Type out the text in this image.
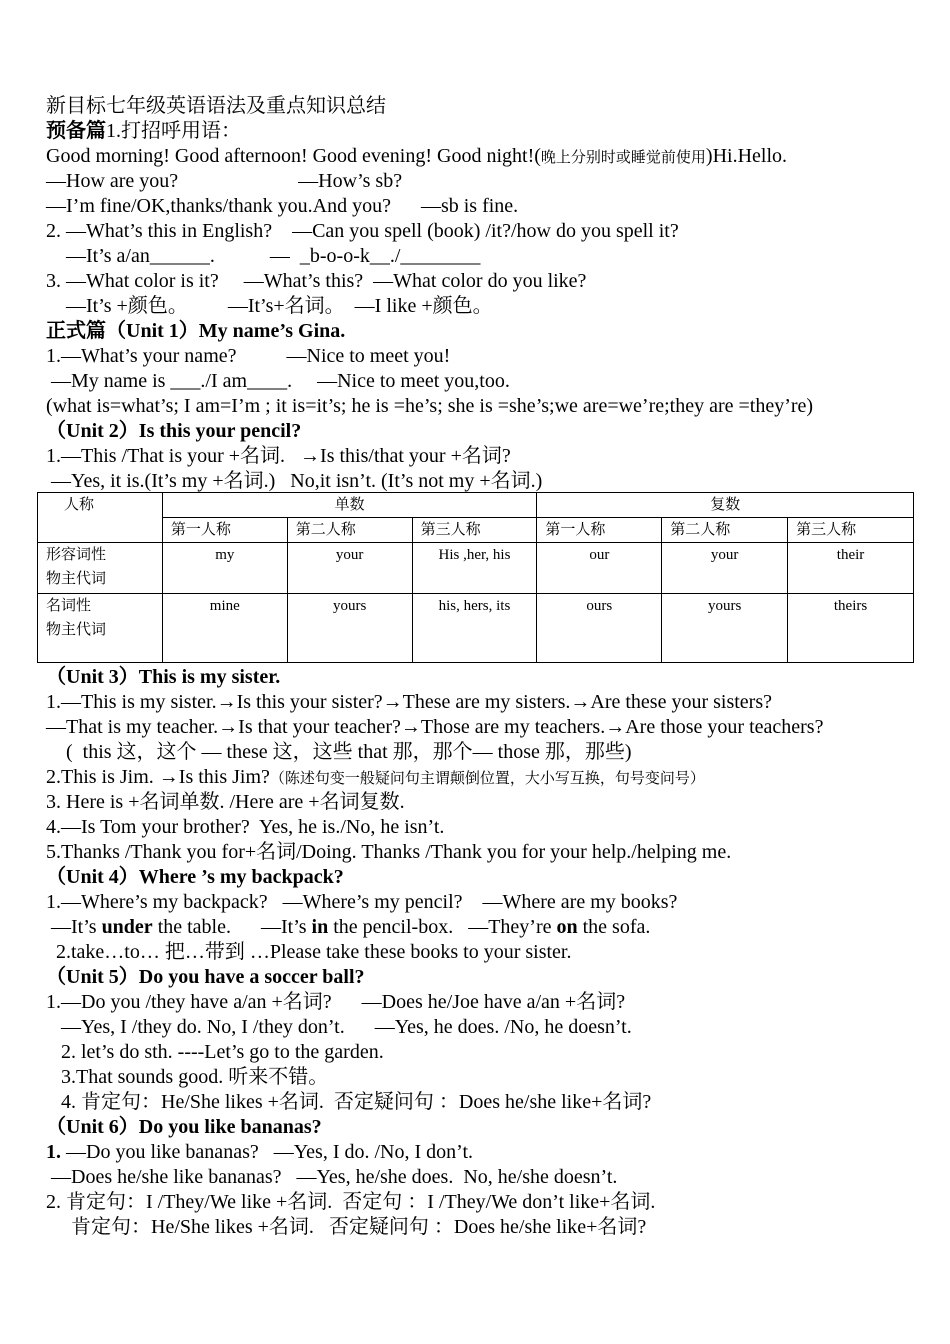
新目标七年级英语语法及重点知识总结
预备篇1.打招呼用语：
Good morning! Good afternoon! Good evening! Good night!(晚上分别时或睡觉前使用)Hi.Hello.
—How are you?                        —How’s sb?
—I’m fine/OK,thanks/thank you.And you?      —sb is fine.
2. —What’s this in English?    —Can you spell (book) /it?/how do you spell it?
—It’s a/an______.           —  _b-o-o-k__./________
3. —What color is it?     —What’s this?  —What color do you like?
—It’s +颜色。        —It’s+名词。  —I like +颜色。
正式篇（Unit 1）My name’s Gina.
1.—What’s your name?          —Nice to meet you!
—My name is ___./I am____.     —Nice to meet you,too.
(what is=what’s; I am=I’m ; it is=it’s; he is =he’s; she is =she’s;we are=we’re;they are =they’re)
（Unit 2）Is this your pencil?
1.—This /That is your +名词.   →Is this/that your +名词?
—Yes, it is.(It’s my +名词.)   No,it isn’t. (It’s not my +名词.)
人称	单数			复数		
	第一人称	第二人称	第三人称	第一人称	第二人称	第三人称
形容词性
物主代词	my	your	His ,her, his	our	your	their
名词性
物主代词	mine	yours	his, hers, its	ours	yours	theirs
（Unit 3）This is my sister.
1.—This is my sister.→Is this your sister?→These are my sisters.→Are these your sisters?
—That is my teacher.→Is that your teacher?→Those are my teachers.→Are those your teachers?
(  this 这，这个 — these 这，这些 that 那，那个— those 那，那些)
2.This is Jim. →Is this Jim?（陈述句变一般疑问句主谓颠倒位置，大小写互换，句号变问号）
3. Here is +名词单数. /Here are +名词复数.
4.—Is Tom your brother?  Yes, he is./No, he isn’t.
5.Thanks /Thank you for+名词/Doing. Thanks /Thank you for your help./helping me.
（Unit 4）Where ’s my backpack?
1.—Where’s my backpack?   —Where’s my pencil?    —Where are my books?
—It’s under the table.      —It’s in the pencil-box.   —They’re on the sofa.
2.take…to… 把…带到 …Please take these books to your sister.
（Unit 5）Do you have a soccer ball?
1.—Do you /they have a/an +名词?      —Does he/Joe have a/an +名词?
—Yes, I /they do. No, I /they don’t.      —Yes, he does. /No, he doesn’t.
2. let’s do sth. ----Let’s go to the garden.
3.That sounds good. 听来不错。
4. 肯定句：He/She likes +名词.  否定疑问句 ：Does he/she like+名词?
（Unit 6）Do you like bananas?
1. —Do you like bananas?   —Yes, I do. /No, I don’t.
—Does he/she like bananas?   —Yes, he/she does.  No, he/she doesn’t.
2. 肯定句：I /They/We like +名词.  否定句 ：I /They/We don’t like+名词.
肯定句：He/She likes +名词.   否定疑问句 ：Does he/she like+名词?
